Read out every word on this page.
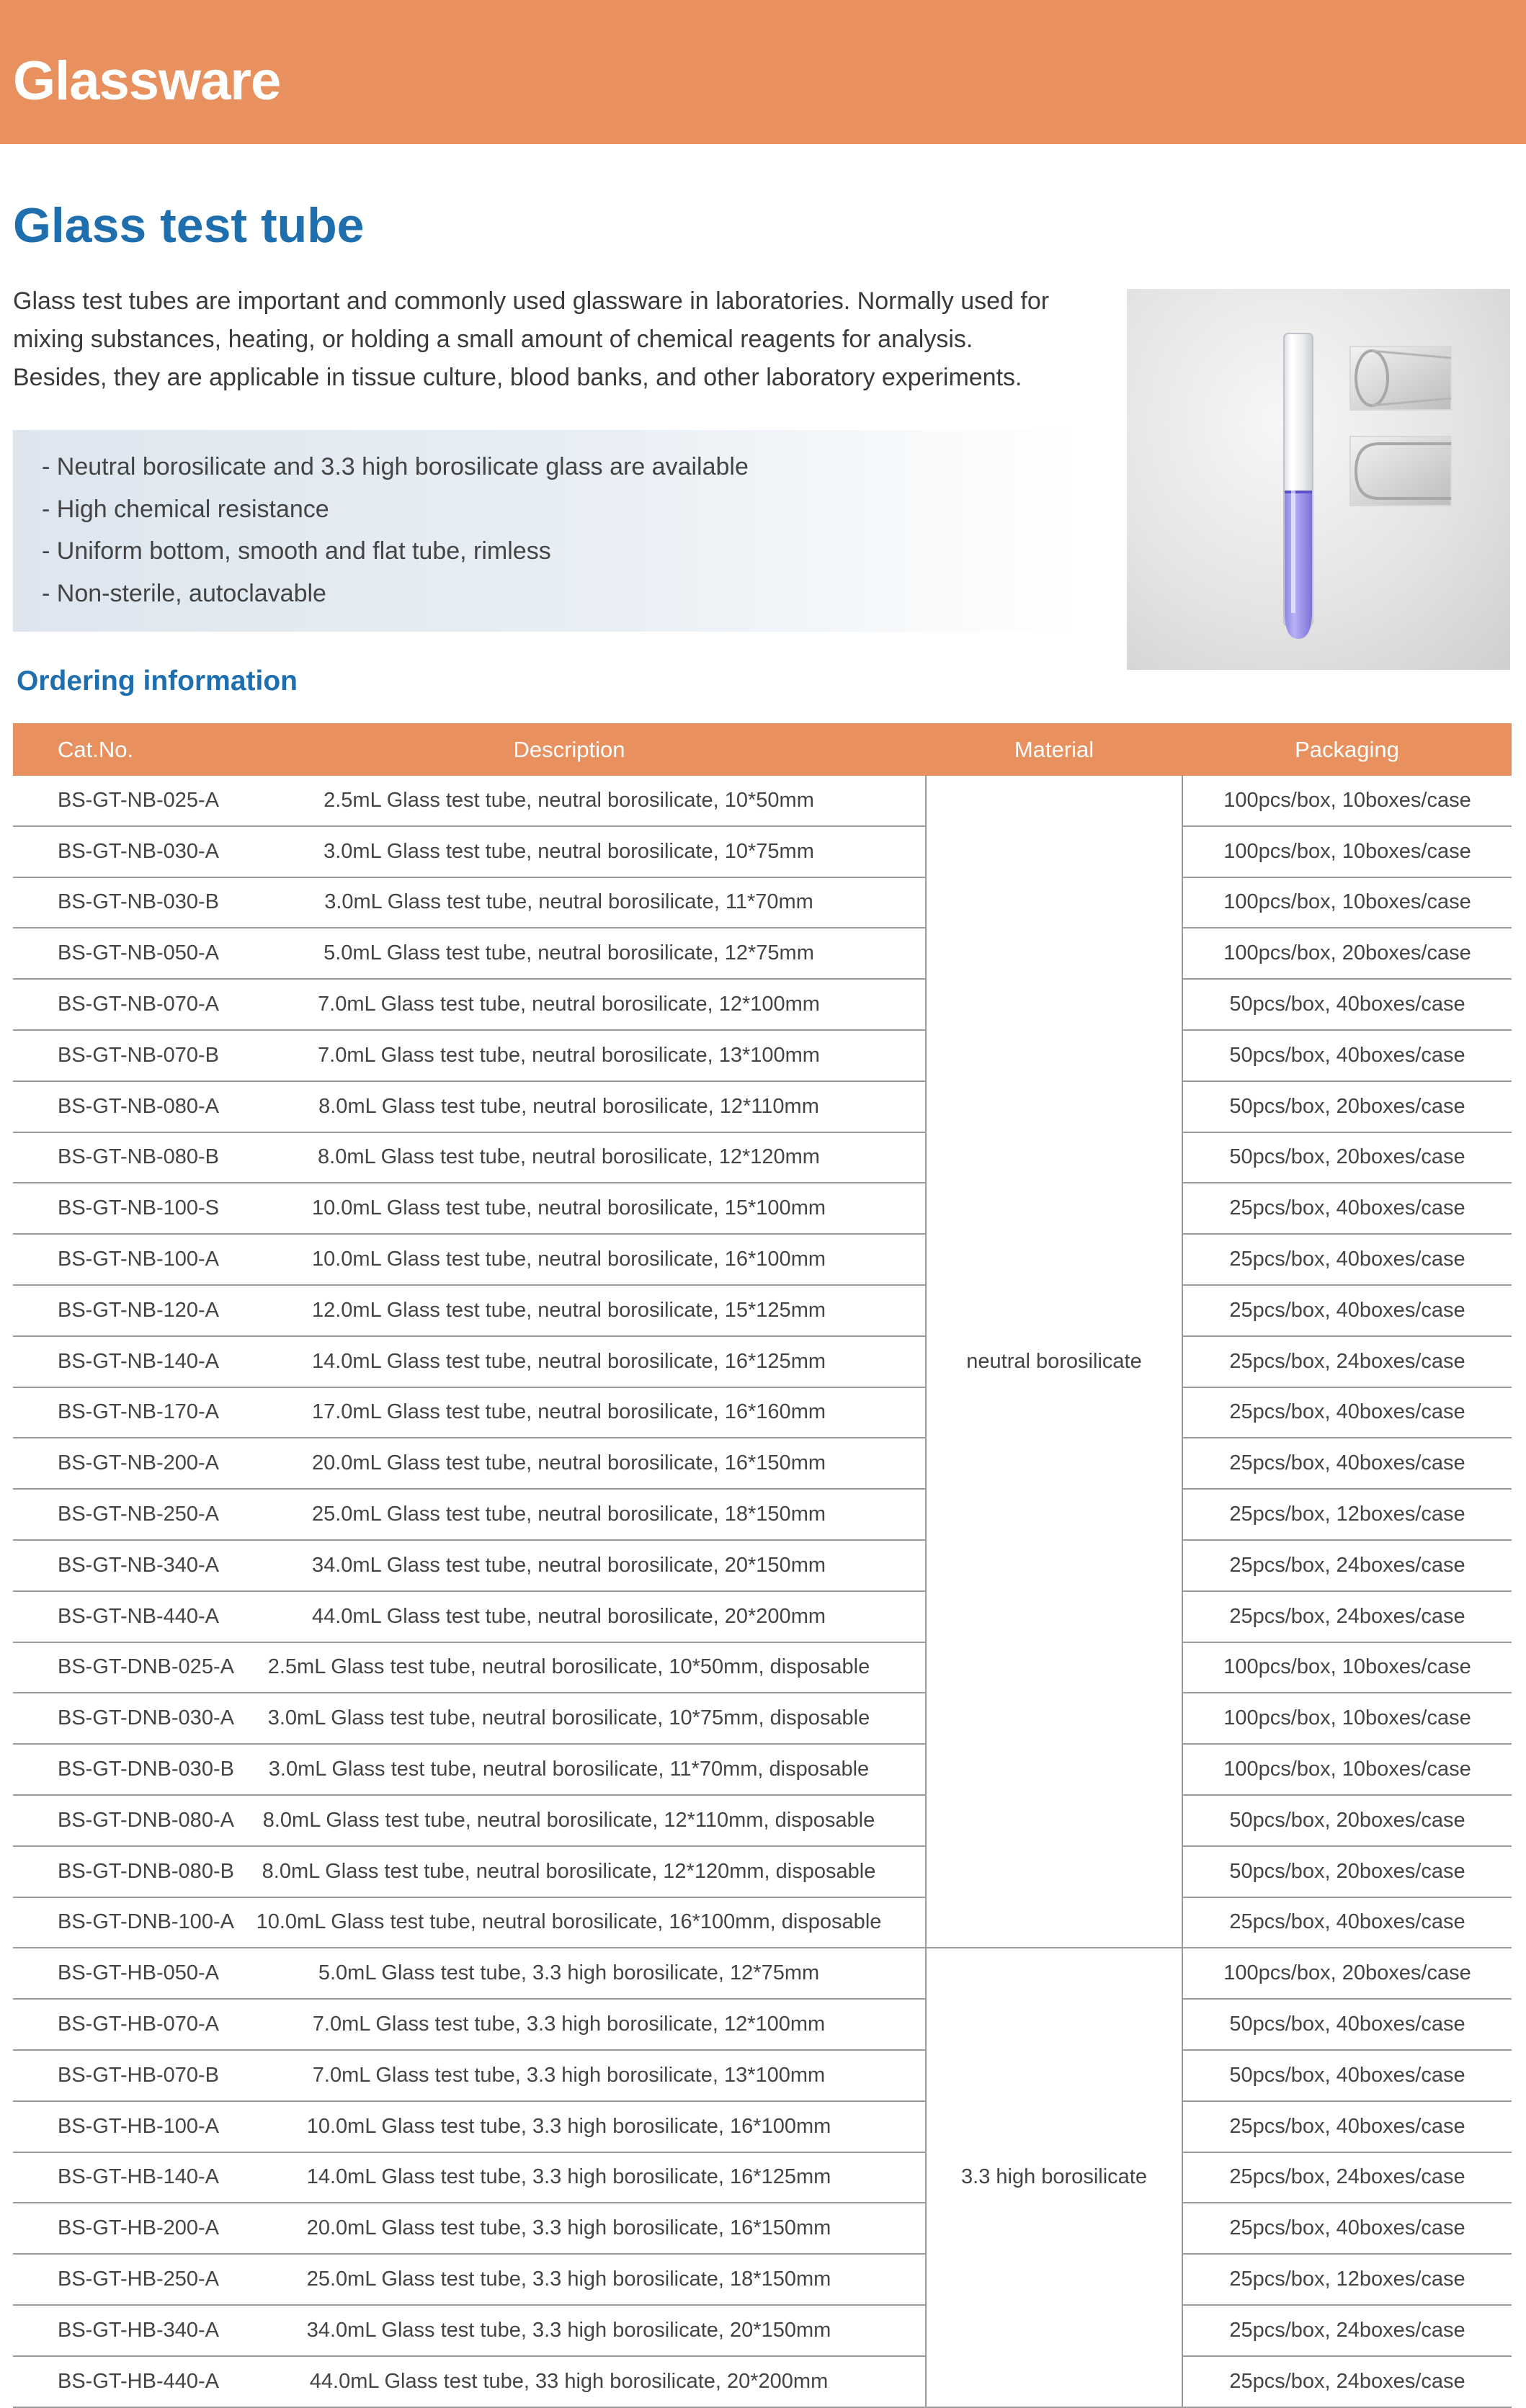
Glassware
Glass test tube

Glass test tubes are important and commonly used glassware in laboratories. Normally used for

mixing substances, heating, or holding a small amount of chemical reagents for analysis.

Besides, they are applicable in tissue culture, blood banks, and other laboratory experiments.

- Neutral borosilicate and 3.3 high borosilicate glass are available
- High chemical resistance
- Uniform bottom, smooth and flat tube, rimless
- Non-sterile, autoclavable
Ordering information
Cat.No.	Description	Material	Packaging
BS-GT-NB-025-A	2.5mL Glass test tube, neutral borosilicate, 10*50mm	neutral borosilicate	100pcs/box, 10boxes/case
BS-GT-NB-030-A	3.0mL Glass test tube, neutral borosilicate, 10*75mm		100pcs/box, 10boxes/case
BS-GT-NB-030-B	3.0mL Glass test tube, neutral borosilicate, 11*70mm		100pcs/box, 10boxes/case
BS-GT-NB-050-A	5.0mL Glass test tube, neutral borosilicate, 12*75mm		100pcs/box, 20boxes/case
BS-GT-NB-070-A	7.0mL Glass test tube, neutral borosilicate, 12*100mm		50pcs/box, 40boxes/case
BS-GT-NB-070-B	7.0mL Glass test tube, neutral borosilicate, 13*100mm		50pcs/box, 40boxes/case
BS-GT-NB-080-A	8.0mL Glass test tube, neutral borosilicate, 12*110mm		50pcs/box, 20boxes/case
BS-GT-NB-080-B	8.0mL Glass test tube, neutral borosilicate, 12*120mm		50pcs/box, 20boxes/case
BS-GT-NB-100-S	10.0mL Glass test tube, neutral borosilicate, 15*100mm		25pcs/box, 40boxes/case
BS-GT-NB-100-A	10.0mL Glass test tube, neutral borosilicate, 16*100mm		25pcs/box, 40boxes/case
BS-GT-NB-120-A	12.0mL Glass test tube, neutral borosilicate, 15*125mm		25pcs/box, 40boxes/case
BS-GT-NB-140-A	14.0mL Glass test tube, neutral borosilicate, 16*125mm		25pcs/box, 24boxes/case
BS-GT-NB-170-A	17.0mL Glass test tube, neutral borosilicate, 16*160mm		25pcs/box, 40boxes/case
BS-GT-NB-200-A	20.0mL Glass test tube, neutral borosilicate, 16*150mm		25pcs/box, 40boxes/case
BS-GT-NB-250-A	25.0mL Glass test tube, neutral borosilicate, 18*150mm		25pcs/box, 12boxes/case
BS-GT-NB-340-A	34.0mL Glass test tube, neutral borosilicate, 20*150mm		25pcs/box, 24boxes/case
BS-GT-NB-440-A	44.0mL Glass test tube, neutral borosilicate, 20*200mm		25pcs/box, 24boxes/case
BS-GT-DNB-025-A	2.5mL Glass test tube, neutral borosilicate, 10*50mm, disposable		100pcs/box, 10boxes/case
BS-GT-DNB-030-A	3.0mL Glass test tube, neutral borosilicate, 10*75mm, disposable		100pcs/box, 10boxes/case
BS-GT-DNB-030-B	3.0mL Glass test tube, neutral borosilicate, 11*70mm, disposable		100pcs/box, 10boxes/case
BS-GT-DNB-080-A	8.0mL Glass test tube, neutral borosilicate, 12*110mm, disposable		50pcs/box, 20boxes/case
BS-GT-DNB-080-B	8.0mL Glass test tube, neutral borosilicate, 12*120mm, disposable		50pcs/box, 20boxes/case
BS-GT-DNB-100-A	10.0mL Glass test tube, neutral borosilicate, 16*100mm, disposable		25pcs/box, 40boxes/case
BS-GT-HB-050-A	5.0mL Glass test tube, 3.3 high borosilicate, 12*75mm	3.3 high borosilicate	100pcs/box, 20boxes/case
BS-GT-HB-070-A	7.0mL Glass test tube, 3.3 high borosilicate, 12*100mm		50pcs/box, 40boxes/case
BS-GT-HB-070-B	7.0mL Glass test tube, 3.3 high borosilicate, 13*100mm		50pcs/box, 40boxes/case
BS-GT-HB-100-A	10.0mL Glass test tube, 3.3 high borosilicate, 16*100mm		25pcs/box, 40boxes/case
BS-GT-HB-140-A	14.0mL Glass test tube, 3.3 high borosilicate, 16*125mm		25pcs/box, 24boxes/case
BS-GT-HB-200-A	20.0mL Glass test tube, 3.3 high borosilicate, 16*150mm		25pcs/box, 40boxes/case
BS-GT-HB-250-A	25.0mL Glass test tube, 3.3 high borosilicate, 18*150mm		25pcs/box, 12boxes/case
BS-GT-HB-340-A	34.0mL Glass test tube, 3.3 high borosilicate, 20*150mm		25pcs/box, 24boxes/case
BS-GT-HB-440-A	44.0mL Glass test tube, 33 high borosilicate, 20*200mm		25pcs/box, 24boxes/case
